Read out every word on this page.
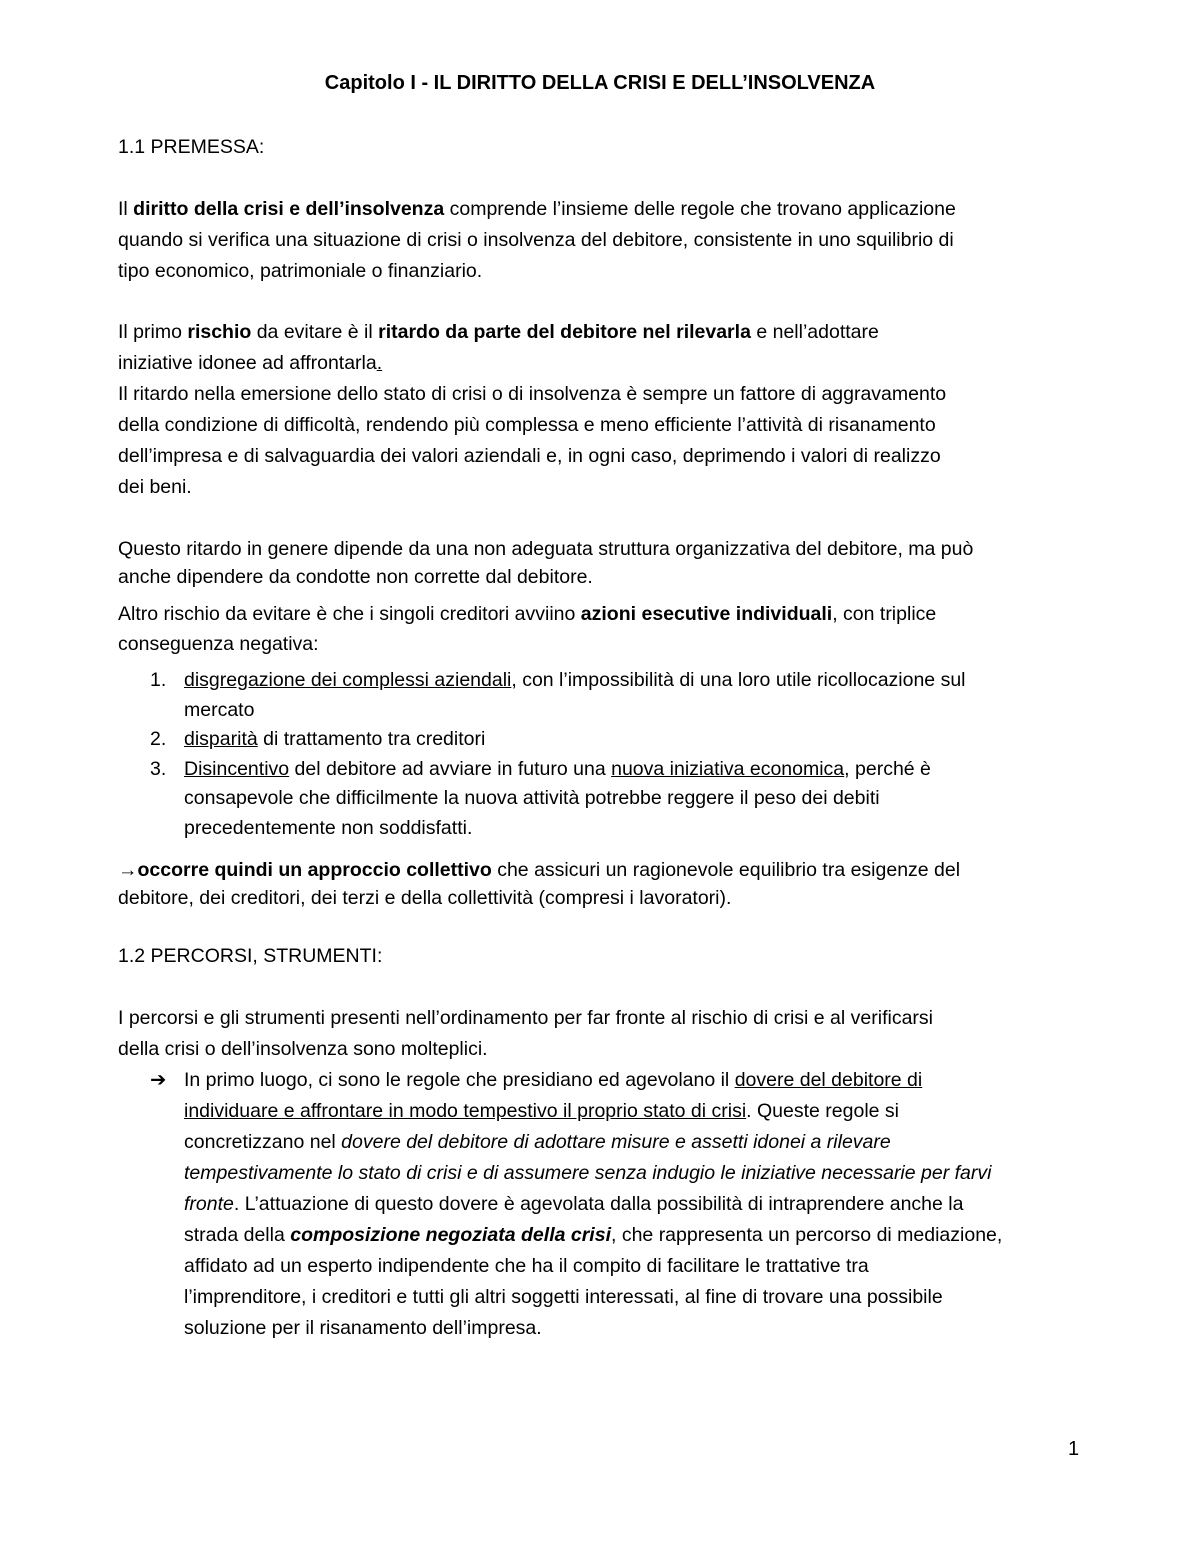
Capitolo I - IL DIRITTO DELLA CRISI E DELL’INSOLVENZA
1.1 PREMESSA:
Il diritto della crisi e dell’insolvenza comprende l’insieme delle regole che trovano applicazione
quando si verifica una situazione di crisi o insolvenza del debitore, consistente in uno squilibrio di
tipo economico, patrimoniale o finanziario.
Il primo rischio da evitare è il ritardo da parte del debitore nel rilevarla e nell’adottare
iniziative idonee ad affrontarla.
Il ritardo nella emersione dello stato di crisi o di insolvenza è sempre un fattore di aggravamento
della condizione di difficoltà, rendendo più complessa e meno efficiente l’attività di risanamento
dell’impresa e di salvaguardia dei valori aziendali e, in ogni caso, deprimendo i valori di realizzo
dei beni.
Questo ritardo in genere dipende da una non adeguata struttura organizzativa del debitore, ma può
anche dipendere da condotte non corrette dal debitore.
Altro rischio da evitare è che i singoli creditori avviino azioni esecutive individuali, con triplice
conseguenza negativa:
1. disgregazione dei complessi aziendali, con l’impossibilità di una loro utile ricollocazione sul
mercato
2. disparità di trattamento tra creditori
3. Disincentivo del debitore ad avviare in futuro una nuova iniziativa economica, perché è
consapevole che difficilmente la nuova attività potrebbe reggere il peso dei debiti
precedentemente non soddisfatti.
→occorre quindi un approccio collettivo che assicuri un ragionevole equilibrio tra esigenze del
debitore, dei creditori, dei terzi e della collettività (compresi i lavoratori).
1.2 PERCORSI, STRUMENTI:
I percorsi e gli strumenti presenti nell’ordinamento per far fronte al rischio di crisi e al verificarsi
della crisi o dell’insolvenza sono molteplici.
➔ In primo luogo, ci sono le regole che presidiano ed agevolano il dovere del debitore di
individuare e affrontare in modo tempestivo il proprio stato di crisi. Queste regole si
concretizzano nel dovere del debitore di adottare misure e assetti idonei a rilevare
tempestivamente lo stato di crisi e di assumere senza indugio le iniziative necessarie per farvi
fronte. L’attuazione di questo dovere è agevolata dalla possibilità di intraprendere anche la
strada della composizione negoziata della crisi, che rappresenta un percorso di mediazione,
affidato ad un esperto indipendente che ha il compito di facilitare le trattative tra
l’imprenditore, i creditori e tutti gli altri soggetti interessati, al fine di trovare una possibile
soluzione per il risanamento dell’impresa.
1
